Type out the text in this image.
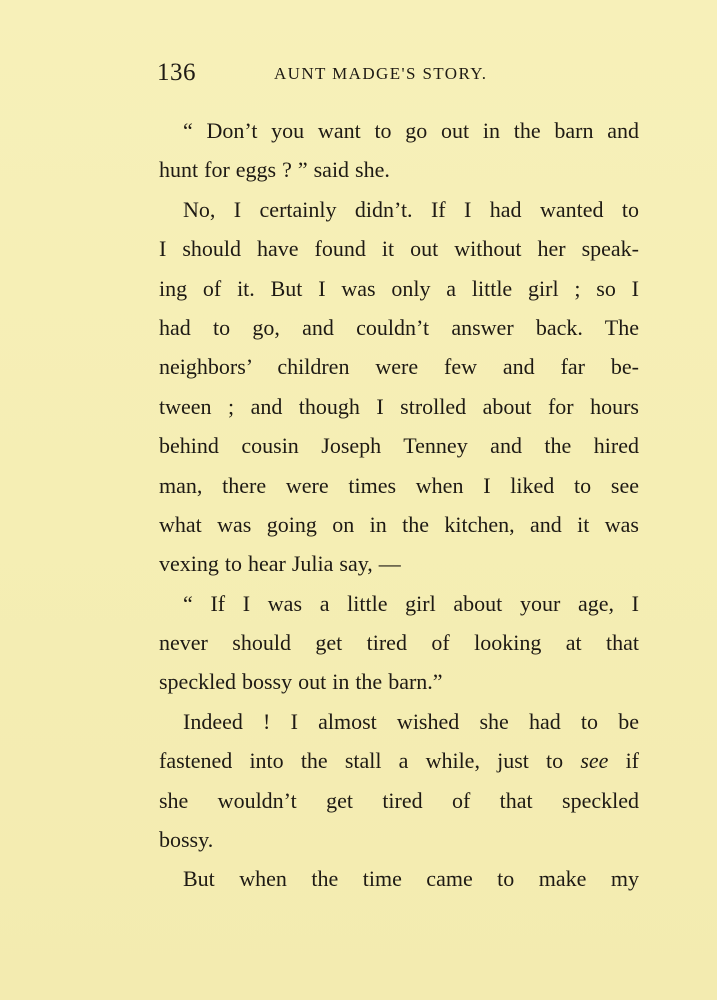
136	AUNT MADGE'S STORY.
“ Don’t you want to go out in the barn and
hunt for eggs ? ” said she.
No, I certainly didn’t. If I had wanted to
I should have found it out without her speak-
ing of it. But I was only a little girl ; so I
had to go, and couldn’t answer back. The
neighbors’ children were few and far be-
tween ; and though I strolled about for hours
behind cousin Joseph Tenney and the hired
man, there were times when I liked to see
what was going on in the kitchen, and it was
vexing to hear Julia say, —
“ If I was a little girl about your age, I
never should get tired of looking at that
speckled bossy out in the barn.”
Indeed ! I almost wished she had to be
fastened into the stall a while, just to see if
she wouldn’t get tired of that speckled
bossy.
But when the time came to make my
